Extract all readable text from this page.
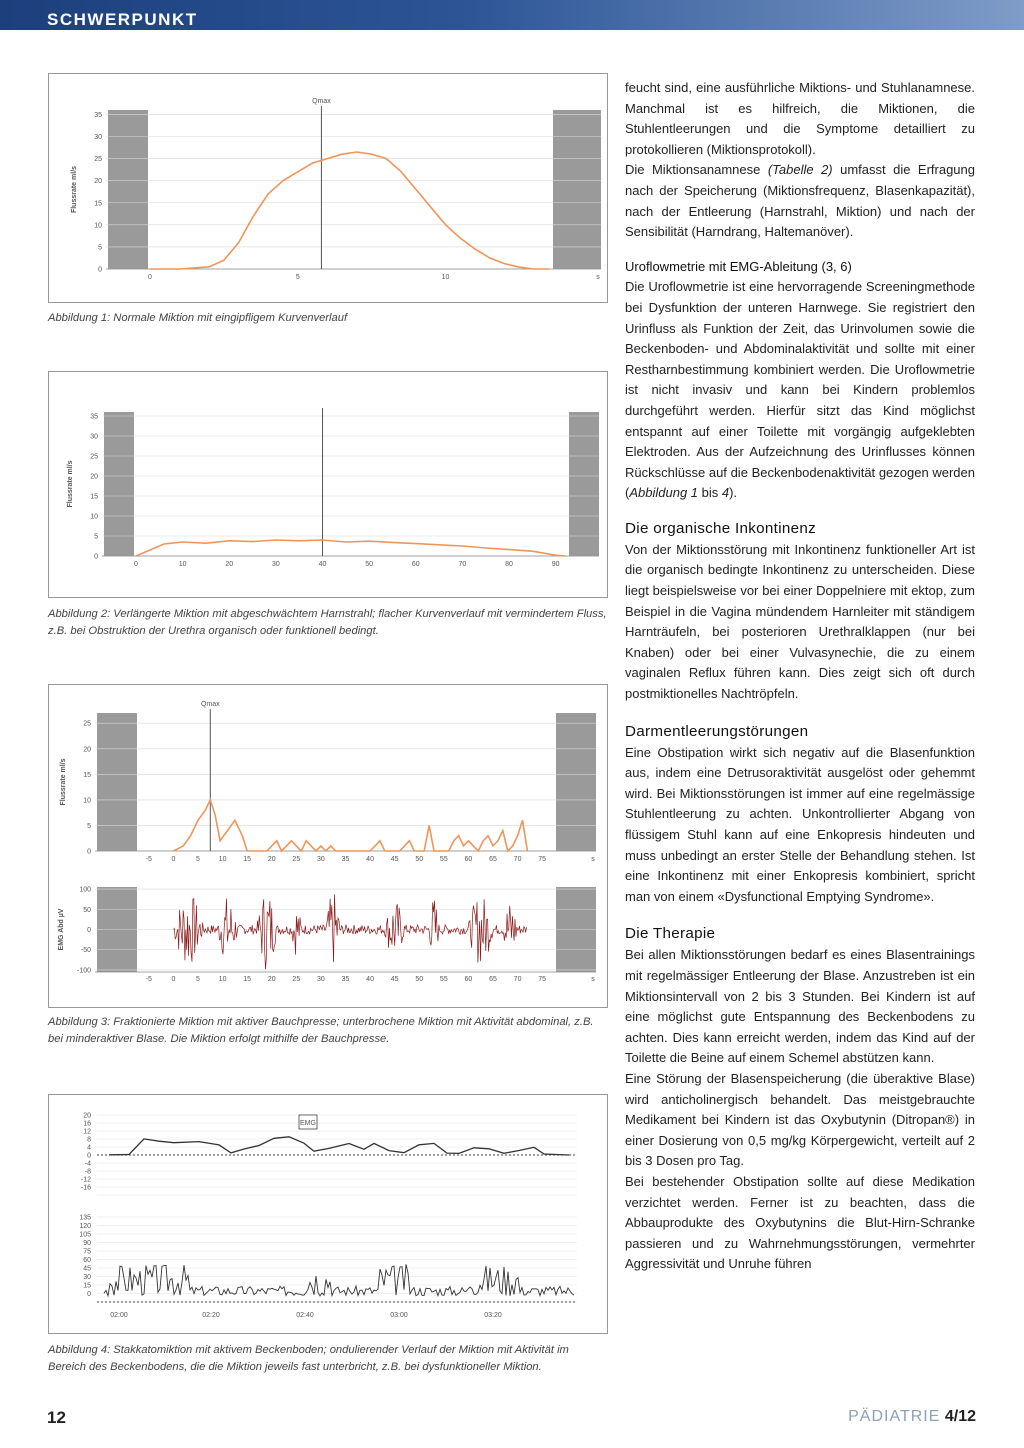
SCHWERPUNKT
0
5
10
15
20
25
30
35
0	5	10	s
Flussrate ml/s
Qmax
Abbildung 1: Normale Miktion mit eingipfligem Kurvenverlauf
0
5
10
15
20
25
30
35
0	10	20	30	40	50	60	70	80	90
Flussrate ml/s
Abbildung 2: Verlängerte Miktion mit abgeschwächtem Harnstrahl; flacher Kurvenverlauf mit vermindertem Fluss, z.B. bei Obstruktion der Urethra organisch oder funktionell bedingt.
0
5
10
15
20
25
-5	0	5	10 15 20 25 30 35 40 45 50 55 60 65 70 75	s
Flussrate ml/s
Qmax
-100
-50
0
50
100
-5	0	5	10 15 20 25 30 35 40 45 50 55 60 65 70 75	s
EMG Abd µV
Abbildung 3: Fraktionierte Miktion mit aktiver Bauchpresse; unterbrochene Miktion mit Aktivität abdominal, z.B. bei minderaktiver Blase. Die Miktion erfolgt mithilfe der Bauchpresse.
20
16
12
8
4
0
-4
-8
-12
-16
135
120
105
90
75
60
45
30
15
0
02:00	02:20	02:40	03:00	03:20
EMG
Abbildung 4: Stakkatomiktion mit aktivem Beckenboden; ondulierender Verlauf der Miktion mit Aktivität im Bereich des Beckenbodens, die die Miktion jeweils fast unterbricht, z.B. bei dysfunktioneller Miktion.

feucht sind, eine ausführliche Miktions- und Stuhlanamnese. Manchmal ist es hilfreich, die Miktionen, die Stuhlentleerungen und die Symptome detailliert zu protokollieren (Miktionsprotokoll).

Die Miktionsanamnese (Tabelle 2) umfasst die Erfragung nach der Speicherung (Miktionsfrequenz, Blasenkapazität), nach der Entleerung (Harnstrahl, Miktion) und nach der Sensibilität (Harndrang, Haltemanöver).

Uroflowmetrie mit EMG-Ableitung (3, 6)

Die Uroflowmetrie ist eine hervorragende Screeningmethode bei Dysfunktion der unteren Harnwege. Sie registriert den Urinfluss als Funktion der Zeit, das Urinvolumen sowie die Beckenboden- und Abdominalaktivität und sollte mit einer Restharnbestimmung kombiniert werden. Die Uroflowmetrie ist nicht invasiv und kann bei Kindern problemlos durchgeführt werden. Hierfür sitzt das Kind möglichst entspannt auf einer Toilette mit vorgängig aufgeklebten Elektroden. Aus der Aufzeichnung des Urinflusses können Rückschlüsse auf die Beckenbodenaktivität gezogen werden (Abbildung 1 bis 4).

Die organische Inkontinenz

Von der Miktionsstörung mit Inkontinenz funktioneller Art ist die organisch bedingte Inkontinenz zu unterscheiden. Diese liegt beispielsweise vor bei einer Doppelniere mit ektop, zum Beispiel in die Vagina mündendem Harnleiter mit ständigem Harnträufeln, bei posterioren Urethralklappen (nur bei Knaben) oder bei einer Vulvasynechie, die zu einem vaginalen Reflux führen kann. Dies zeigt sich oft durch postmiktionelles Nachtröpfeln.

Darmentleerungstörungen

Eine Obstipation wirkt sich negativ auf die Blasenfunktion aus, indem eine Detrusoraktivität ausgelöst oder gehemmt wird. Bei Miktionsstörungen ist immer auf eine regelmässige Stuhlentleerung zu achten. Unkontrollierter Abgang von flüssigem Stuhl kann auf eine Enkopresis hindeuten und muss unbedingt an erster Stelle der Behandlung stehen. Ist eine Inkontinenz mit einer Enkopresis kombiniert, spricht man von einem «Dysfunctional Emptying Syndrome».

Die Therapie

Bei allen Miktionsstörungen bedarf es eines Blasentrainings mit regelmässiger Entleerung der Blase. Anzustreben ist ein Miktionsintervall von 2 bis 3 Stunden. Bei Kindern ist auf eine möglichst gute Entspannung des Beckenbodens zu achten. Dies kann erreicht werden, indem das Kind auf der Toilette die Beine auf einem Schemel abstützen kann.

Eine Störung der Blasenspeicherung (die überaktive Blase) wird anticholinergisch behandelt. Das meistgebrauchte Medikament bei Kindern ist das Oxybutynin (Ditropan®) in einer Dosierung von 0,5 mg/kg Körpergewicht, verteilt auf 2 bis 3 Dosen pro Tag.

Bei bestehender Obstipation sollte auf diese Medikation verzichtet werden. Ferner ist zu beachten, dass die Abbauprodukte des Oxybutynins die Blut-Hirn-Schranke passieren und zu Wahrnehmungsstörungen, vermehrter Aggressivität und Unruhe führen

12	PÄDIATRIE 4/12
